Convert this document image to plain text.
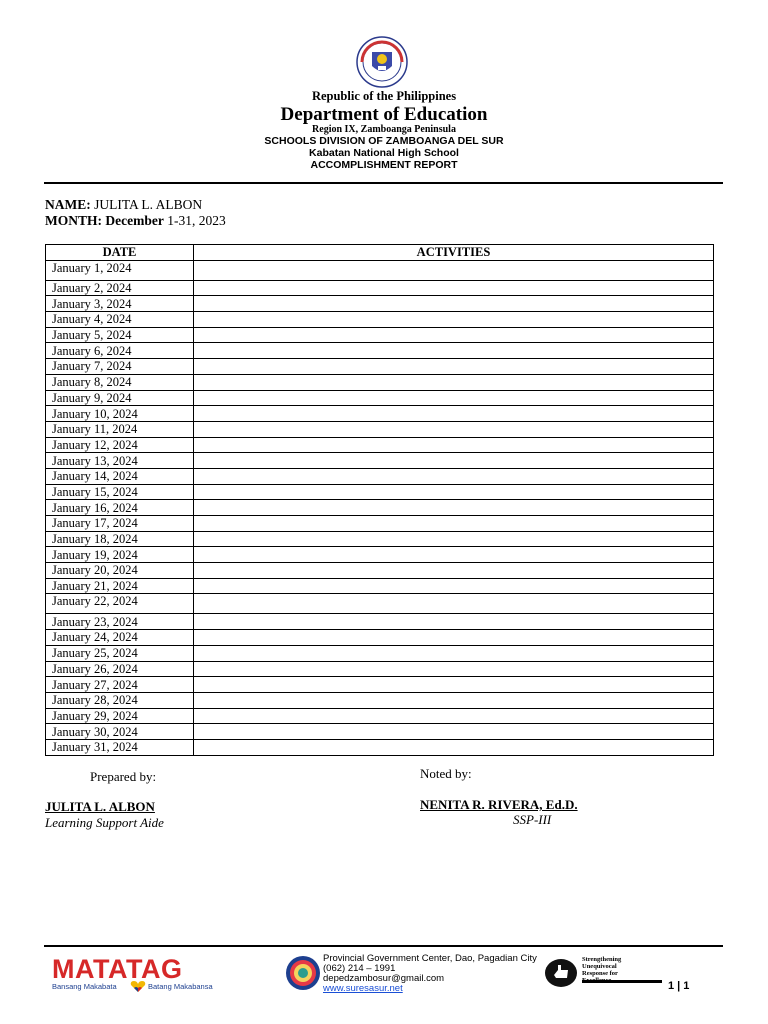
Republic of the Philippines
Department of Education
Region IX, Zamboanga Peninsula
SCHOOLS DIVISION OF ZAMBOANGA DEL SUR
Kabatan National High School
ACCOMPLISHMENT REPORT
NAME: JULITA L. ALBON
MONTH: December 1-31, 2023
DATE	ACTIVITIES
January 1, 2024	
January 2, 2024	
January 3, 2024	
January 4, 2024	
January 5, 2024	
January 6, 2024	
January 7, 2024	
January 8, 2024	
January 9, 2024	
January 10, 2024	
January 11, 2024	
January 12, 2024	
January 13, 2024	
January 14, 2024	
January 15, 2024	
January 16, 2024	
January 17, 2024	
January 18, 2024	
January 19, 2024	
January 20, 2024	
January 21, 2024	
January 22, 2024	
January 23, 2024	
January 24, 2024	
January 25, 2024	
January 26, 2024	
January 27, 2024	
January 28, 2024	
January 29, 2024	
January 30, 2024	
January 31, 2024	
Prepared by:	Noted by:
JULITA L. ALBON
Learning Support Aide
NENITA R. RIVERA, Ed.D.
SSP-III
MATATAG
Bansang Makabata	Batang Makabansa
Provincial Government Center, Dao, Pagadian City
(062) 214 – 1991
depedzambosur@gmail.com
www.suresasur.net
Strengthening
Unequivocal
Response for
1 | 1
